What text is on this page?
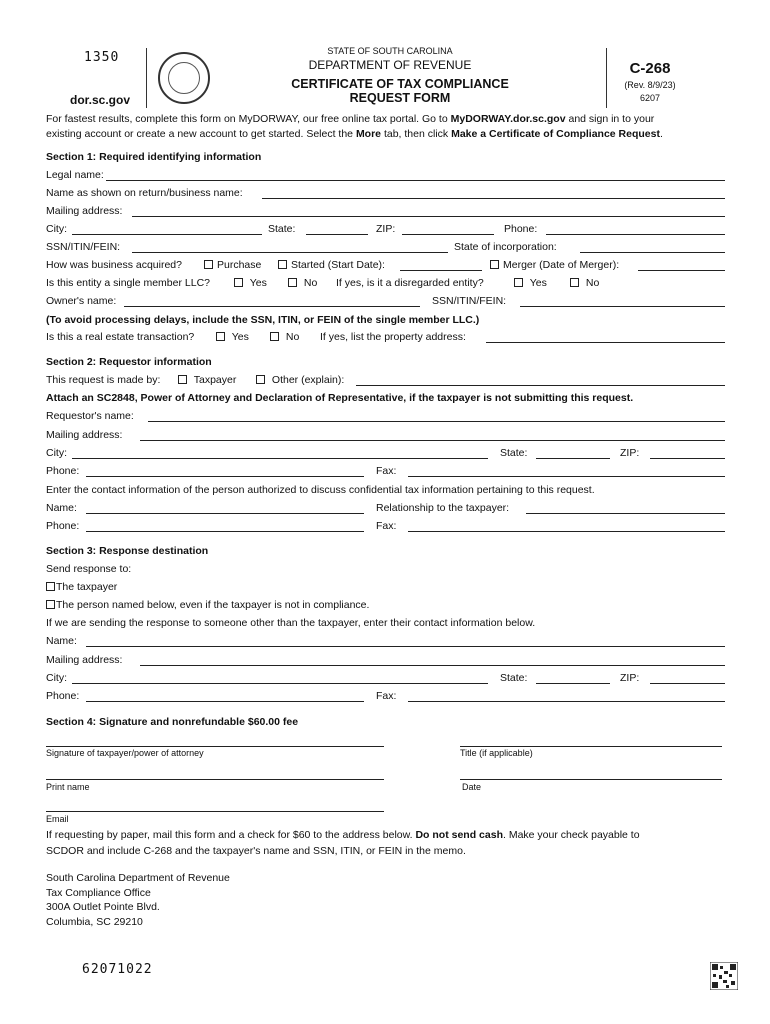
1350
dor.sc.gov
STATE OF SOUTH CAROLINA
DEPARTMENT OF REVENUE
CERTIFICATE OF TAX COMPLIANCE
REQUEST FORM
C-268
(Rev. 8/9/23)
6207
For fastest results, complete this form on MyDORWAY, our free online tax portal. Go to MyDORWAY.dor.sc.gov and sign in to your
existing account or create a new account to get started. Select the More tab, then click Make a Certificate of Compliance Request.
Section 1: Required identifying information
Legal name:
Name as shown on return/business name:
Mailing address:
City:	State:	ZIP:	Phone:
SSN/ITIN/FEIN:	State of incorporation:
How was business acquired?	Purchase	Started (Start Date):	Merger (Date of Merger):
Is this entity a single member LLC?	Yes	No If yes, is it a disregarded entity?	Yes	No
Owner's name:	SSN/ITIN/FEIN:
(To avoid processing delays, include the SSN, ITIN, or FEIN of the single member LLC.)
Is this a real estate transaction?	Yes	No If yes, list the property address:
Section 2: Requestor information
This request is made by:	Taxpayer	Other (explain):
Attach an SC2848, Power of Attorney and Declaration of Representative, if the taxpayer is not submitting this request.
Requestor's name:
Mailing address:
City:	State:	ZIP:
Phone:	Fax:
Enter the contact information of the person authorized to discuss confidential tax information pertaining to this request.
Name:	Relationship to the taxpayer:
Phone:	Fax:
Section 3: Response destination
Send response to:
The taxpayer
The person named below, even if the taxpayer is not in compliance.
If we are sending the response to someone other than the taxpayer, enter their contact information below.
Name:
Mailing address:
City:	State:	ZIP:
Phone:	Fax:
Section 4: Signature and nonrefundable $60.00 fee
Signature of taxpayer/power of attorney	Title (if applicable)
Print name	Date
Email
If requesting by paper, mail this form and a check for $60 to the address below. Do not send cash. Make your check payable to
SCDOR and include C-268 and the taxpayer's name and SSN, ITIN, or FEIN in the memo.
South Carolina Department of Revenue
Tax Compliance Office
300A Outlet Pointe Blvd.
Columbia, SC 29210
62071022
